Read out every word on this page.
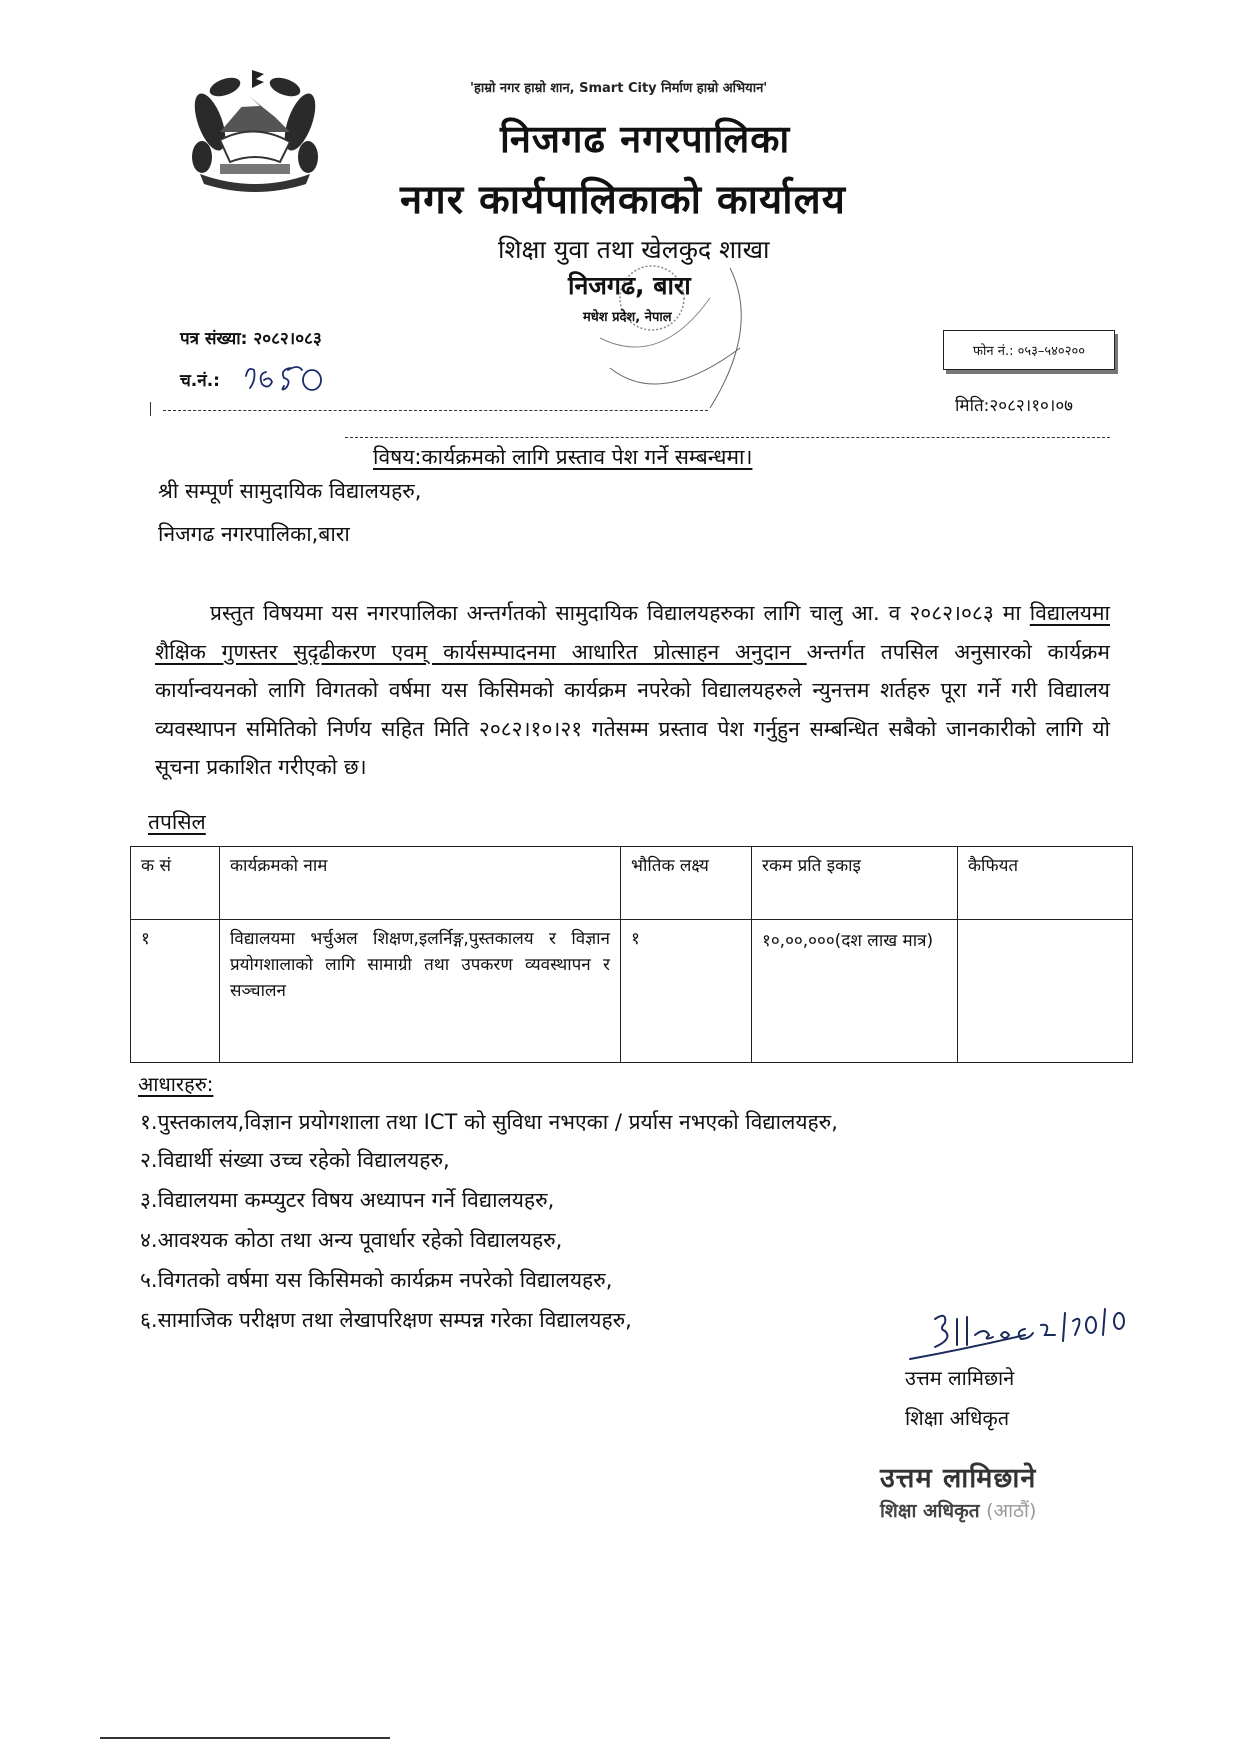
'हाम्रो नगर हाम्रो शान, Smart City निर्माण हाम्रो अभियान'
निजगढ नगरपालिका
नगर कार्यपालिकाको कार्यालय
शिक्षा युवा तथा खेलकुद शाखा
निजगढ, बारा
मधेश प्रदेश, नेपाल
पत्र संख्या: २०८२।०८३
च.नं.:
फोन नं.: ०५३–५४०२००
मिति:२०८२।१०।०७
विषय:कार्यक्रमको लागि प्रस्ताव पेश गर्ने सम्बन्धमा।
श्री सम्पूर्ण सामुदायिक विद्यालयहरु,
निजगढ नगरपालिका,बारा
प्रस्तुत विषयमा यस नगरपालिका अन्तर्गतको सामुदायिक विद्यालयहरुका लागि चालु आ. व २०८२।०८३ मा विद्यालयमा शैक्षिक गुणस्तर सुदृढीकरण एवम् कार्यसम्पादनमा आधारित प्रोत्साहन अनुदान अन्तर्गत तपसिल अनुसारको कार्यक्रम कार्यान्वयनको लागि विगतको वर्षमा यस किसिमको कार्यक्रम नपरेको विद्यालयहरुले न्युनत्तम शर्तहरु पूरा गर्ने गरी विद्यालय व्यवस्थापन समितिको निर्णय सहित मिति २०८२।१०।२१ गतेसम्म प्रस्ताव पेश गर्नुहुन सम्बन्धित सबैको जानकारीको लागि यो सूचना प्रकाशित गरीएको छ।
तपसिल
क सं	कार्यक्रमको नाम	भौतिक लक्ष्य	रकम प्रति इकाइ	कैफियत
१	विद्यालयमा भर्चुअल शिक्षण,इलर्निङ्ग,पुस्तकालय र विज्ञान प्रयोगशालाको लागि सामाग्री तथा उपकरण व्यवस्थापन र सञ्चालन	१	१०,००,०००(दश लाख मात्र)	
आधारहरु:
१.पुस्तकालय,विज्ञान प्रयोगशाला तथा ICT को सुविधा नभएका / प्रर्यास नभएको विद्यालयहरु,
२.विद्यार्थी संख्या उच्च रहेको विद्यालयहरु,
३.विद्यालयमा कम्प्युटर विषय अध्यापन गर्ने विद्यालयहरु,
४.आवश्यक कोठा तथा अन्य पूवार्धार रहेको विद्यालयहरु,
५.विगतको वर्षमा यस किसिमको कार्यक्रम नपरेको विद्यालयहरु,
६.सामाजिक परीक्षण तथा लेखापरिक्षण सम्पन्न गरेका विद्यालयहरु,
उत्तम लामिछाने
शिक्षा अधिकृत
उत्तम लामिछाने
शिक्षा अधिकृत (आठौं)
